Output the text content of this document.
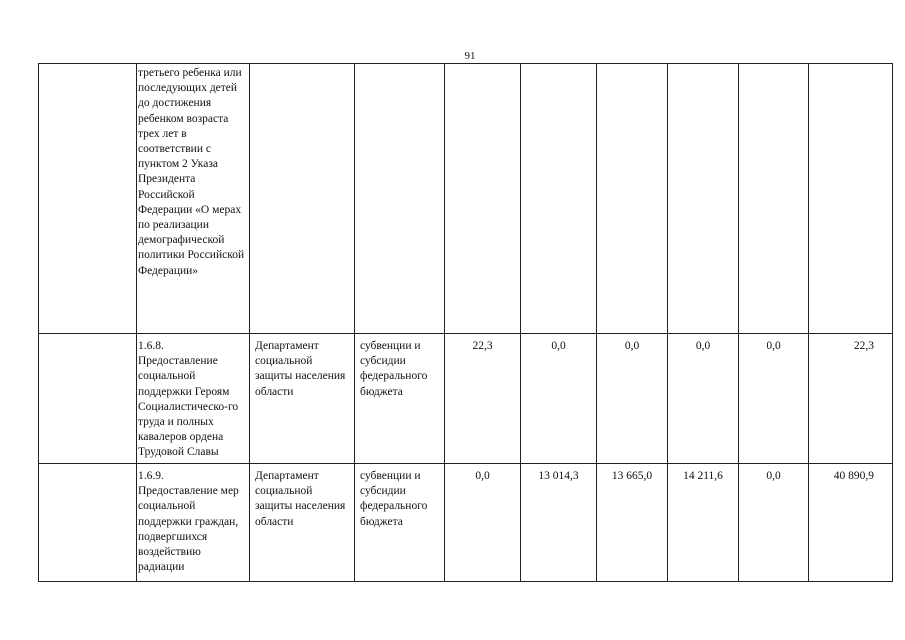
91
	третьего ребенка или последующих детей до достижения ребенком возраста трех лет в соответствии с пунктом 2 Указа Президента Российской Федерации «О мерах по реализации демографической политики Российской Федерации»								
	1.6.8. Предоставление социальной поддержки Героям Социалистическо-го труда и полных кавалеров ордена Трудовой Славы	Департамент социальной защиты населения области	субвенции и субсидии федерального бюджета	22,3	0,0	0,0	0,0	0,0	22,3
	1.6.9. Предоставление мер социальной поддержки граждан, подвергшихся воздействию радиации	Департамент социальной защиты населения области	субвенции и субсидии федерального бюджета	0,0	13 014,3	13 665,0	14 211,6	0,0	40 890,9
